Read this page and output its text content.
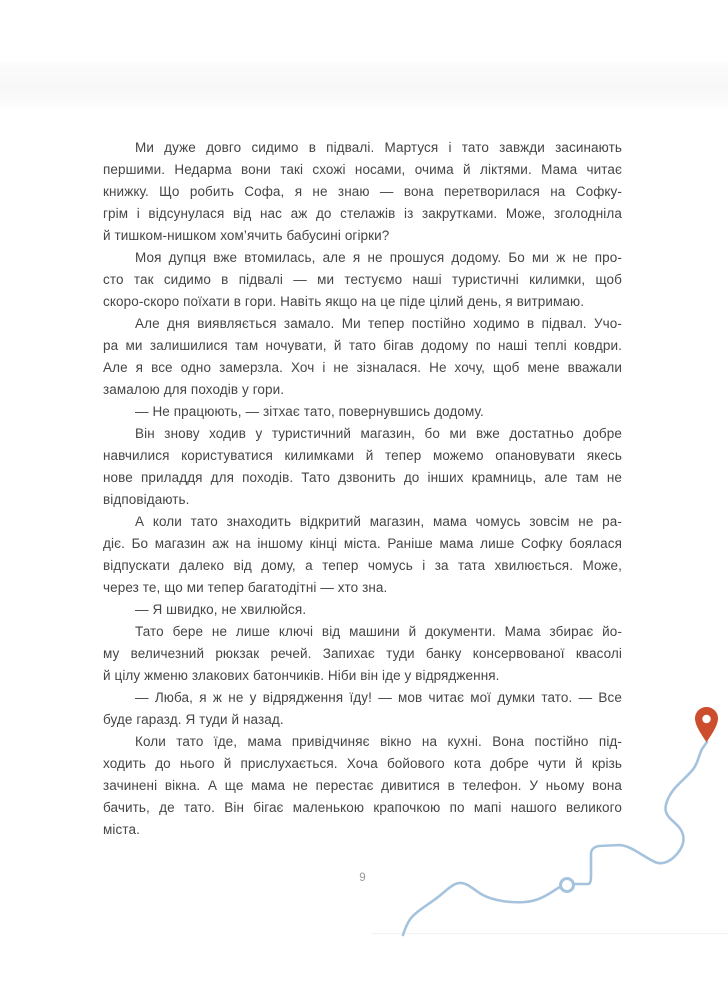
Ми дуже довго сидимо в підвалі. Мартуся і тато завжди засинають
першими. Недарма вони такі схожі носами, очима й ліктями. Мама читає
книжку. Що робить Софа, я не знаю — вона перетворилася на Софку-
грім і відсунулася від нас аж до стелажів із закрутками. Може, зголодніла
й тишком-нишком хом’ячить бабусині огірки?
Моя дупця вже втомилась, але я не прошуся додому. Бо ми ж не про-
сто так сидимо в підвалі — ми тестуємо наші туристичні килимки, щоб
скоро-скоро поїхати в гори. Навіть якщо на це піде цілий день, я витримаю.
Але дня виявляється замало. Ми тепер постійно ходимо в підвал. Учо-
ра ми залишилися там ночувати, й тато бігав додому по наші теплі ковдри.
Але я все одно замерзла. Хоч і не зізналася. Не хочу, щоб мене вважали
замалою для походів у гори.
— Не працюють, — зітхає тато, повернувшись додому.
Він знову ходив у туристичний магазин, бо ми вже достатньо добре
навчилися користуватися килимками й тепер можемо опановувати якесь
нове приладдя для походів. Тато дзвонить до інших крамниць, але там не
відповідають.
А коли тато знаходить відкритий магазин, мама чомусь зовсім не ра-
діє. Бо магазин аж на іншому кінці міста. Раніше мама лише Софку боялася
відпускати далеко від дому, а тепер чомусь і за тата хвилюється. Може,
через те, що ми тепер багатодітні — хто зна.
— Я швидко, не хвилюйся.
Тато бере не лише ключі від машини й документи. Мама збирає йо-
му величезний рюкзак речей. Запихає туди банку консервованої квасолі
й цілу жменю злакових батончиків. Ніби він іде у відрядження.
— Люба, я ж не у відрядження їду! — мов читає мої думки тато. — Все
буде гаразд. Я туди й назад.
Коли тато їде, мама привідчиняє вікно на кухні. Вона постійно під-
ходить до нього й прислухається. Хоча бойового кота добре чути й крізь
зачинені вікна. А ще мама не перестає дивитися в телефон. У ньому вона
бачить, де тато. Він бігає маленькою крапочкою по мапі нашого великого
міста.
9
